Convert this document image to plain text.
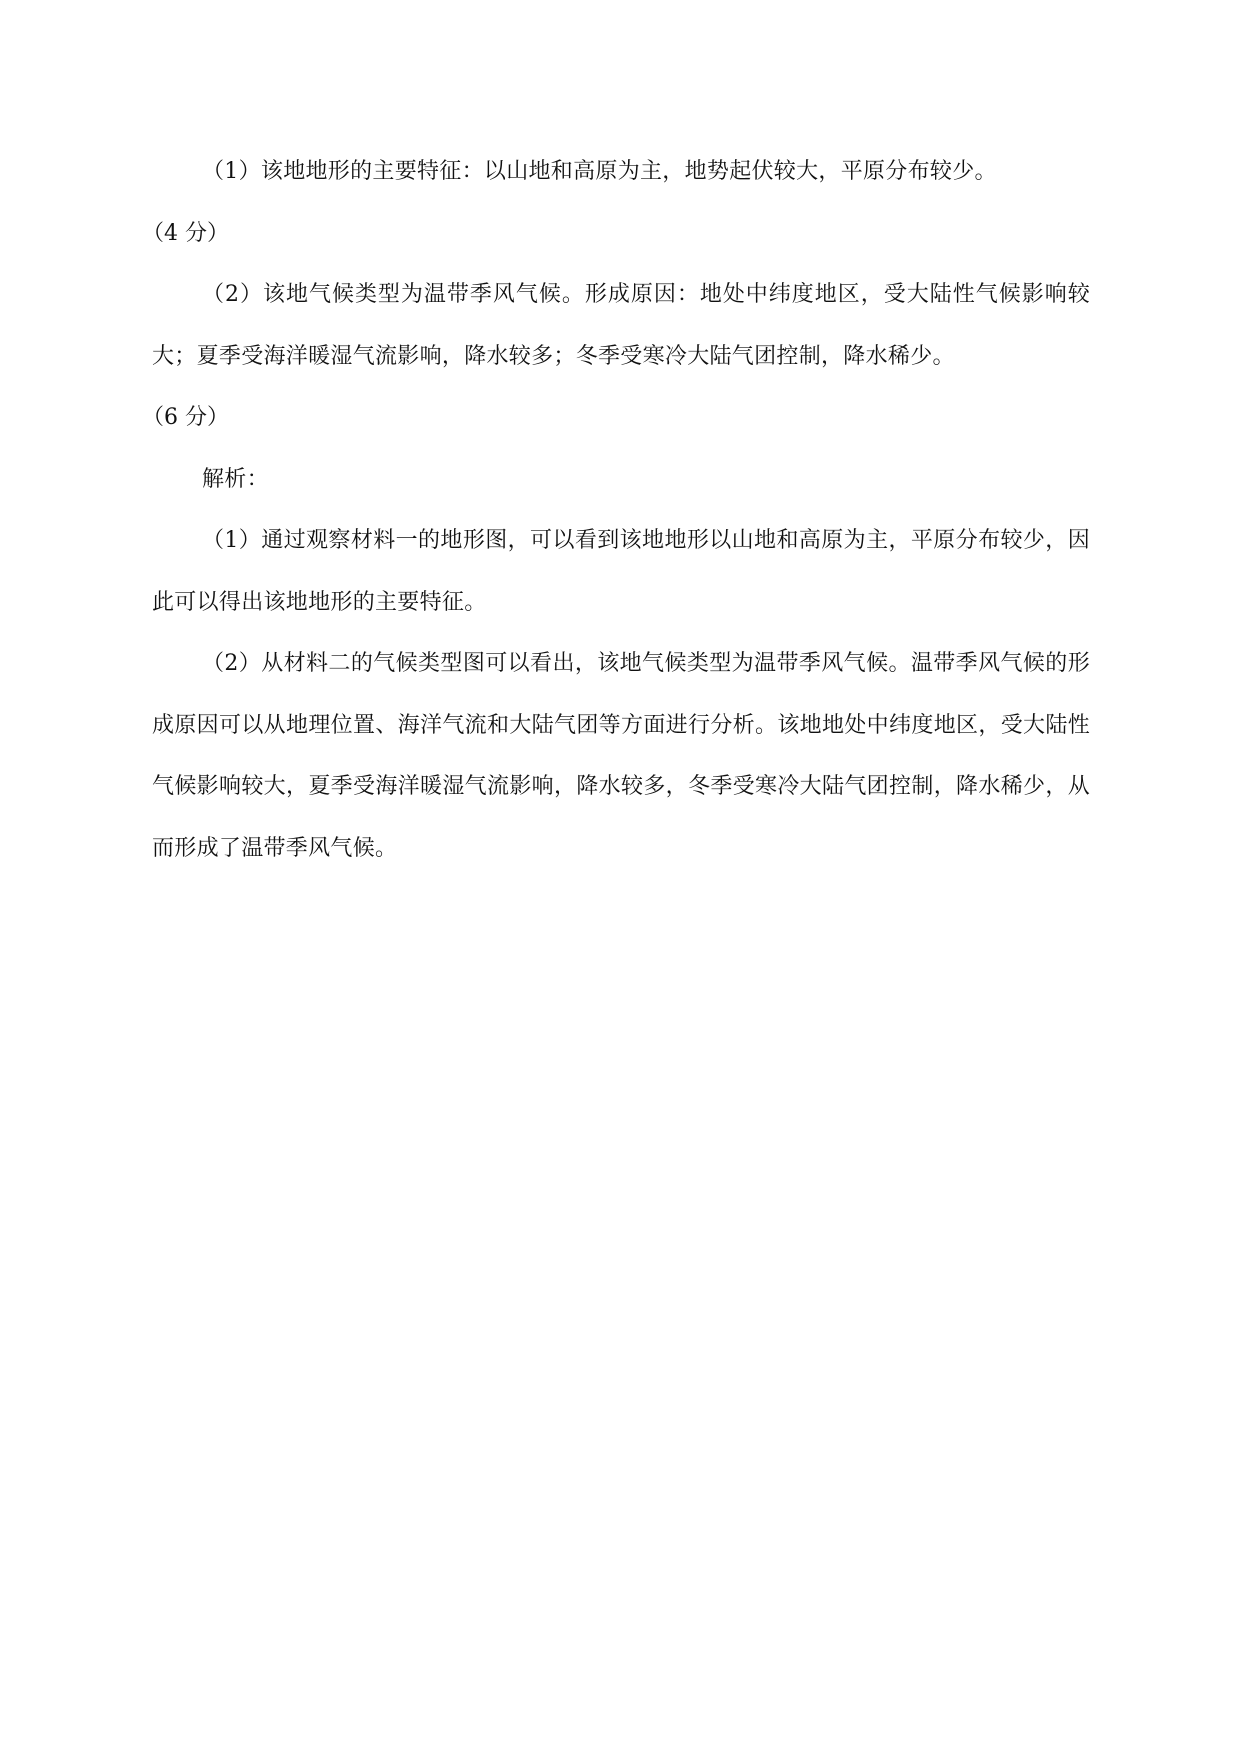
（1）该地地形的主要特征：以山地和高原为主，地势起伏较大，平原分布较少。

（4 分）

（2）该地气候类型为温带季风气候。形成原因：地处中纬度地区，受大陆性气候影响较大；夏季受海洋暖湿气流影响，降水较多；冬季受寒冷大陆气团控制，降水稀少。

（6 分）

解析：

（1）通过观察材料一的地形图，可以看到该地地形以山地和高原为主，平原分布较少，因此可以得出该地地形的主要特征。

（2）从材料二的气候类型图可以看出，该地气候类型为温带季风气候。温带季风气候的形成原因可以从地理位置、海洋气流和大陆气团等方面进行分析。该地地处中纬度地区，受大陆性气候影响较大，夏季受海洋暖湿气流影响，降水较多，冬季受寒冷大陆气团控制，降水稀少，从而形成了温带季风气候。
